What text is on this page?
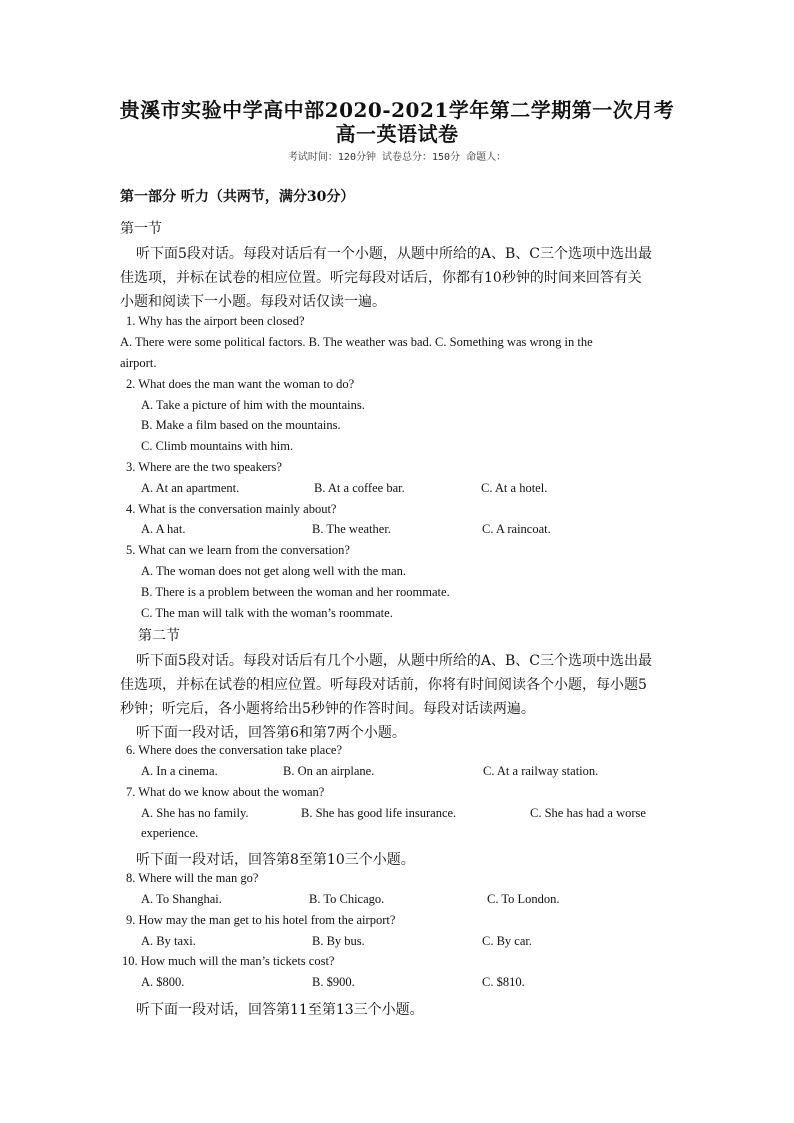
贵溪市实验中学高中部2020-2021学年第二学期第一次月考
高一英语试卷
考试时间：120分钟 试卷总分：150分 命题人：
第一部分 听力（共两节，满分30分）
第一节
听下面5段对话。每段对话后有一个小题，从题中所给的A、B、C三个选项中选出最
佳选项，并标在试卷的相应位置。听完每段对话后，你都有10秒钟的时间来回答有关
小题和阅读下一小题。每段对话仅读一遍。
1. Why has the airport been closed?
A. There were some political factors. B. The weather was bad. C. Something was wrong in the
airport.
2. What does the man want the woman to do?
A. Take a picture of him with the mountains.
B. Make a film based on the mountains.
C. Climb mountains with him.
3. Where are the two speakers?
A. At an apartment.	B. At a coffee bar.	C. At a hotel.
4. What is the conversation mainly about?
A. A hat.	B. The weather.	C. A raincoat.
5. What can we learn from the conversation?
A. The woman does not get along well with the man.
B. There is a problem between the woman and her roommate.
C. The man will talk with the woman’s roommate.
第二节
听下面5段对话。每段对话后有几个小题，从题中所给的A、B、C三个选项中选出最
佳选项，并标在试卷的相应位置。听每段对话前，你将有时间阅读各个小题，每小题5
秒钟；听完后，各小题将给出5秒钟的作答时间。每段对话读两遍。
听下面一段对话，回答第6和第7两个小题。
6. Where does the conversation take place?
A. In a cinema.	B. On an airplane.	C. At a railway station.
7. What do we know about the woman?
A. She has no family.	B. She has good life insurance.	C. She has had a worse
experience.
听下面一段对话，回答第8至第10三个小题。
8. Where will the man go?
A. To Shanghai.	B. To Chicago.	C. To London.
9. How may the man get to his hotel from the airport?
A. By taxi.	B. By bus.	C. By car.
10. How much will the man’s tickets cost?
A. $800.	B. $900.	C. $810.
听下面一段对话，回答第11至第13三个小题。
